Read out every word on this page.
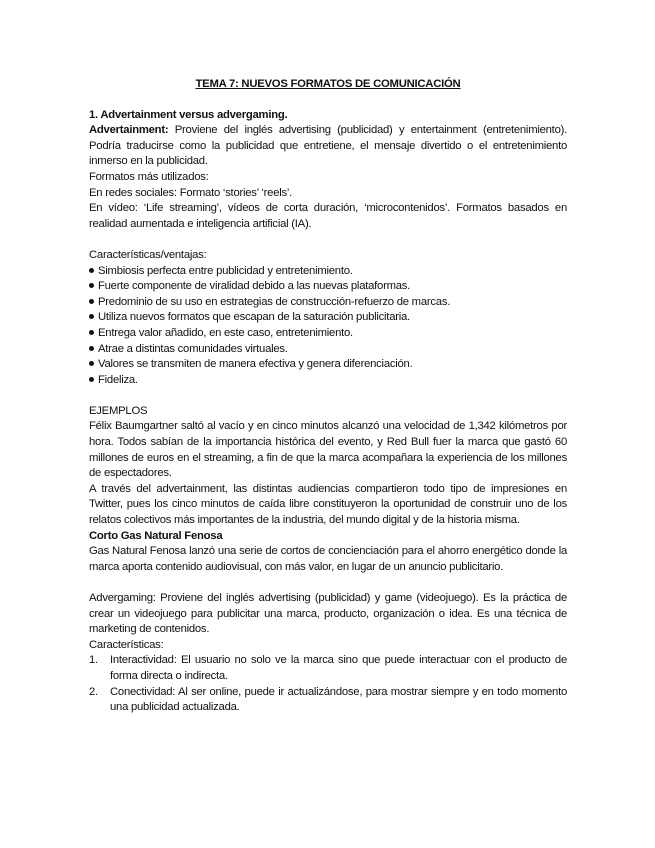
TEMA 7: NUEVOS FORMATOS DE COMUNICACIÓN

1. Advertainment versus advergaming.

Advertainment: Proviene del inglés advertising (publicidad) y entertainment (entretenimiento). Podría traducirse como la publicidad que entretiene, el mensaje divertido o el entretenimiento inmerso en la publicidad.

Formatos más utilizados:

En redes sociales: Formato ‘stories’ ‘reels’.

En vídeo: ‘Life streaming’, vídeos de corta duración, ‘microcontenidos’. Formatos basados en realidad aumentada e inteligencia artificial (IA).

Características/ventajas:

Simbiosis perfecta entre publicidad y entretenimiento.
Fuerte componente de viralidad debido a las nuevas plataformas.
Predominio de su uso en estrategias de construcción-refuerzo de marcas.
Utiliza nuevos formatos que escapan de la saturación publicitaria.
Entrega valor añadido, en este caso, entretenimiento.
Atrae a distintas comunidades virtuales.
Valores se transmiten de manera efectiva y genera diferenciación.
Fideliza.

EJEMPLOS

Félix Baumgartner saltó al vacío y en cinco minutos alcanzó una velocidad de 1,342 kilómetros por hora. Todos sabían de la importancia histórica del evento, y Red Bull fuer la marca que gastó 60 millones de euros en el streaming, a fin de que la marca acompañara la experiencia de los millones de espectadores.

A través del advertainment, las distintas audiencias compartieron todo tipo de impresiones en Twitter, pues los cinco minutos de caída libre constituyeron la oportunidad de construir uno de los relatos colectivos más importantes de la industria, del mundo digital y de la historia misma.

Corto Gas Natural Fenosa

Gas Natural Fenosa lanzó una serie de cortos de concienciación para el ahorro energético donde la marca aporta contenido audiovisual, con más valor, en lugar de un anuncio publicitario.

Advergaming: Proviene del inglés advertising (publicidad) y game (videojuego). Es la práctica de crear un videojuego para publicitar una marca, producto, organización o idea. Es una técnica de marketing de contenidos.

Características:

1.	Interactividad: El usuario no solo ve la marca sino que puede interactuar con el producto de forma directa o indirecta.
2.	Conectividad: Al ser online, puede ir actualizándose, para mostrar siempre y en todo momento una publicidad actualizada.
